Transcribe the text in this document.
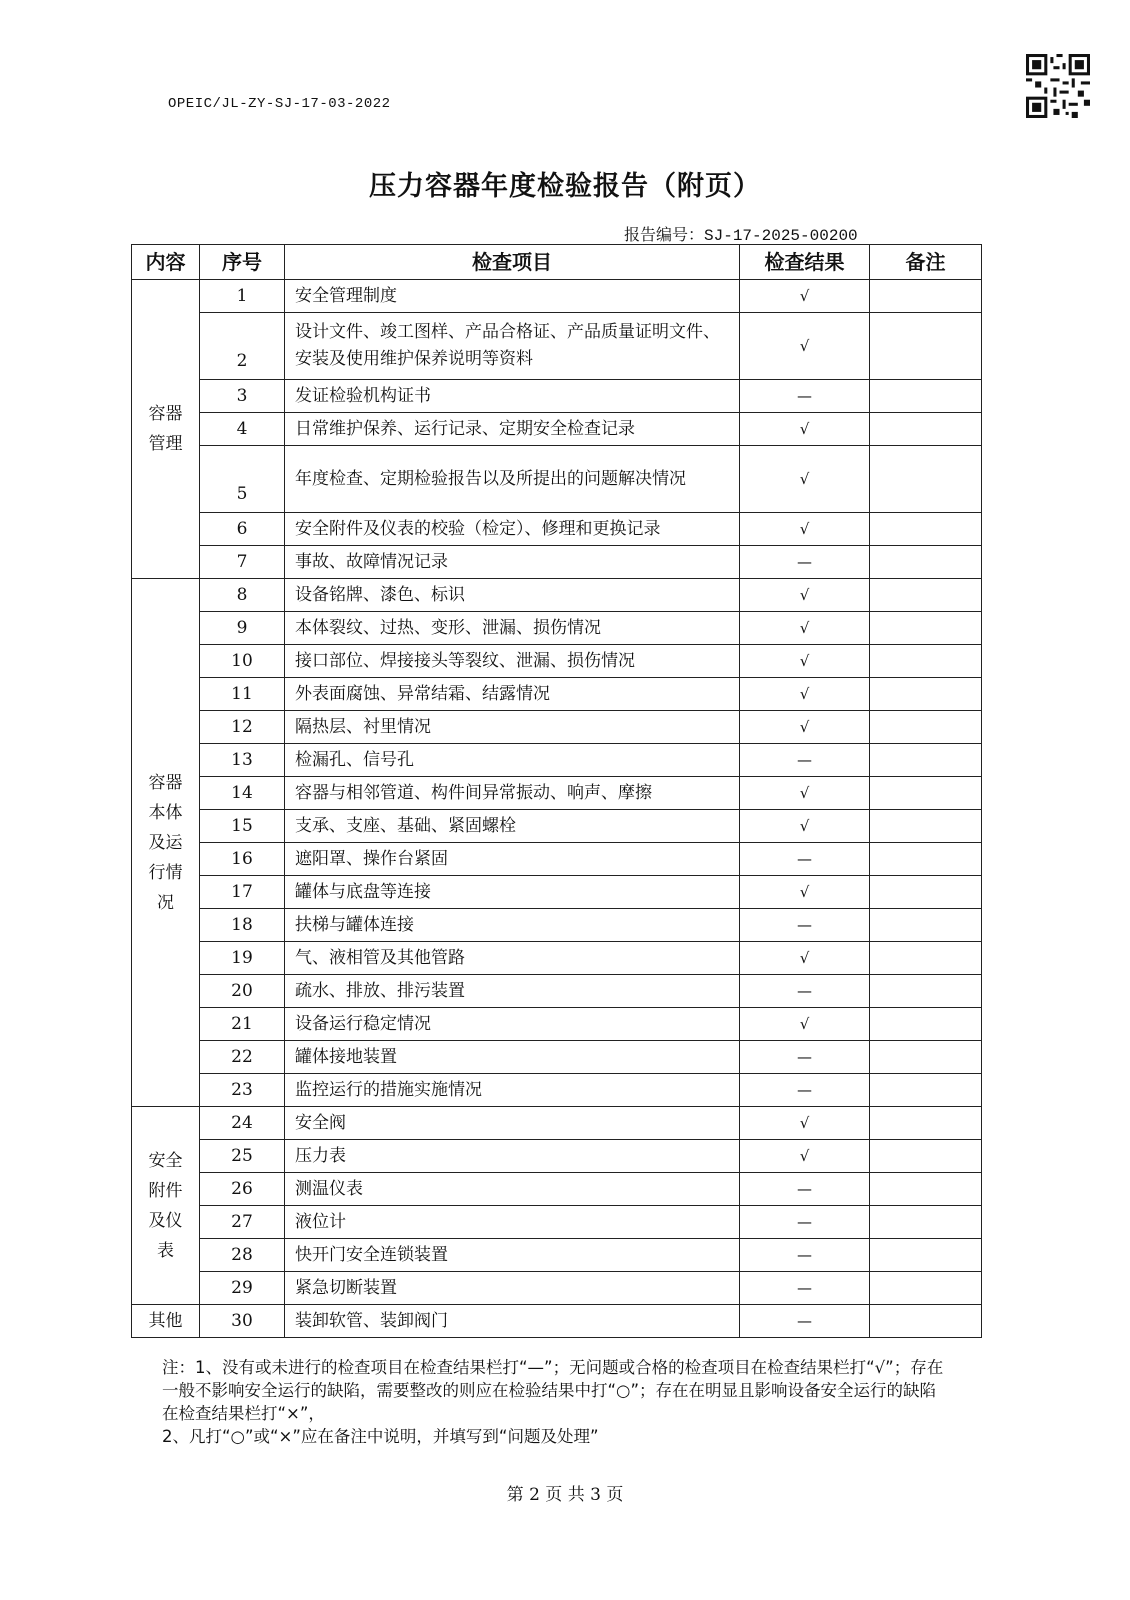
OPEIC/JL-ZY-SJ-17-03-2022
压力容器年度检验报告（附页）
报告编号：SJ-17-2025-00200
内容	序号	检查项目	检查结果	备注
容器
管理	1	安全管理制度	√	
	2	设计文件、竣工图样、产品合格证、产品质量证明文件、安装及使用维护保养说明等资料	√	
	3	发证检验机构证书	—	
	4	日常维护保养、运行记录、定期安全检查记录	√	
	5	年度检查、定期检验报告以及所提出的问题解决情况	√	
	6	安全附件及仪表的校验（检定）、修理和更换记录	√	
	7	事故、故障情况记录	—	
容器
本体
及运
行情
况	8	设备铭牌、漆色、标识	√	
	9	本体裂纹、过热、变形、泄漏、损伤情况	√	
	10	接口部位、焊接接头等裂纹、泄漏、损伤情况	√	
	11	外表面腐蚀、异常结霜、结露情况	√	
	12	隔热层、衬里情况	√	
	13	检漏孔、信号孔	—	
	14	容器与相邻管道、构件间异常振动、响声、摩擦	√	
	15	支承、支座、基础、紧固螺栓	√	
	16	遮阳罩、操作台紧固	—	
	17	罐体与底盘等连接	√	
	18	扶梯与罐体连接	—	
	19	气、液相管及其他管路	√	
	20	疏水、排放、排污装置	—	
	21	设备运行稳定情况	√	
	22	罐体接地装置	—	
	23	监控运行的措施实施情况	—	
安全
附件
及仪
表	24	安全阀	√	
	25	压力表	√	
	26	测温仪表	—	
	27	液位计	—	
	28	快开门安全连锁装置	—	
	29	紧急切断装置	—	
其他	30	装卸软管、装卸阀门	—	

注：1、没有或未进行的检查项目在检查结果栏打“—”；无问题或合格的检查项目在检查结果栏打“√”；存在一般不影响安全运行的缺陷，需要整改的则应在检验结果中打“○”；存在在明显且影响设备安全运行的缺陷在检查结果栏打“×”，

2、凡打“○”或“×”应在备注中说明，并填写到“问题及处理”

第 2 页 共 3 页
